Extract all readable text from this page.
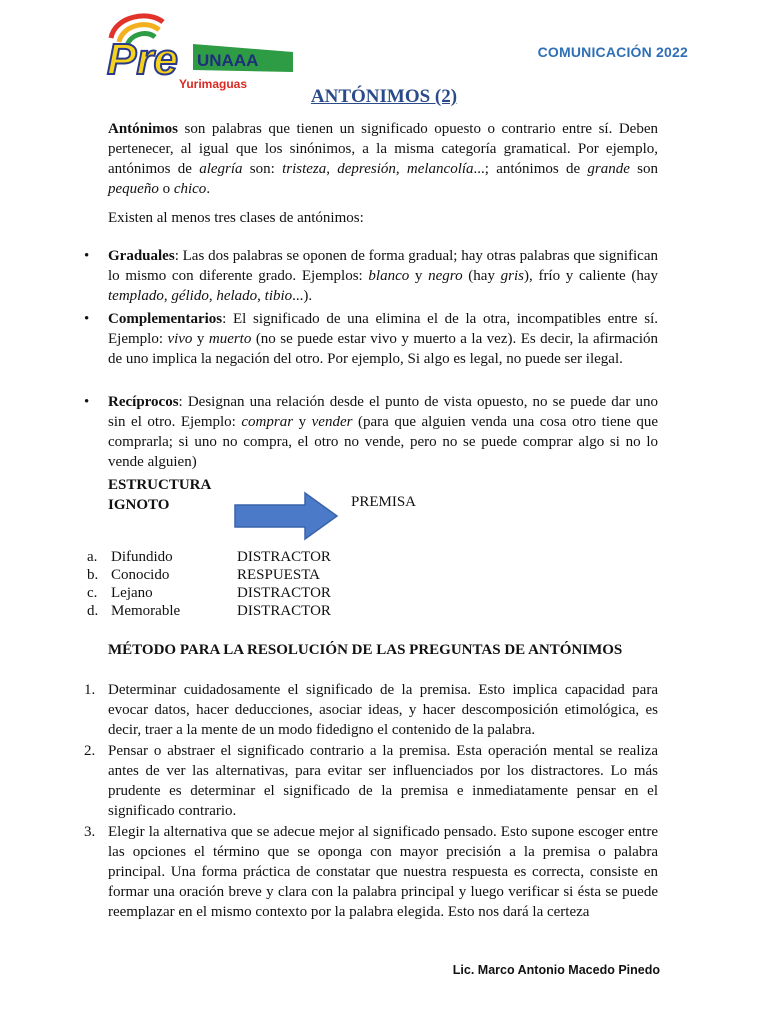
Pre UNAAA
Yurimaguas
COMUNICACIÓN 2022
ANTÓNIMOS (2)
Antónimos son palabras que tienen un significado opuesto o contrario entre sí. Deben pertenecer, al igual que los sinónimos, a la misma categoría gramatical. Por ejemplo, antónimos de alegría son: tristeza, depresión, melancolía...; antónimos de grande son pequeño o chico.
Existen al menos tres clases de antónimos:
• Graduales: Las dos palabras se oponen de forma gradual; hay otras palabras que significan lo mismo con diferente grado. Ejemplos: blanco y negro (hay gris), frío y caliente (hay templado, gélido, helado, tibio...).
• Complementarios: El significado de una elimina el de la otra, incompatibles entre sí. Ejemplo: vivo y muerto (no se puede estar vivo y muerto a la vez). Es decir, la afirmación de uno implica la negación del otro. Por ejemplo, Si algo es legal, no puede ser ilegal.
• Recíprocos: Designan una relación desde el punto de vista opuesto, no se puede dar uno sin el otro. Ejemplo: comprar y vender (para que alguien venda una cosa otro tiene que comprarla; si uno no compra, el otro no vende, pero no se puede comprar algo si no lo vende alguien)
ESTRUCTURA
IGNOTO	PREMISA
a. Difundido	DISTRACTOR
b. Conocido	RESPUESTA
c. Lejano	DISTRACTOR
d. Memorable	DISTRACTOR
MÉTODO PARA LA RESOLUCIÓN DE LAS PREGUNTAS DE ANTÓNIMOS
1. Determinar cuidadosamente el significado de la premisa. Esto implica capacidad para evocar datos, hacer deducciones, asociar ideas, y hacer descomposición etimológica, es decir, traer a la mente de un modo fidedigno el contenido de la palabra.
2. Pensar o abstraer el significado contrario a la premisa. Esta operación mental se realiza antes de ver las alternativas, para evitar ser influenciados por los distractores. Lo más prudente es determinar el significado de la premisa e inmediatamente pensar en el significado contrario.
3. Elegir la alternativa que se adecue mejor al significado pensado. Esto supone escoger entre las opciones el término que se oponga con mayor precisión a la premisa o palabra principal. Una forma práctica de constatar que nuestra respuesta es correcta, consiste en formar una oración breve y clara con la palabra principal y luego verificar si ésta se puede reemplazar en el mismo contexto por la palabra elegida. Esto nos dará la certeza
Lic. Marco Antonio Macedo Pinedo
